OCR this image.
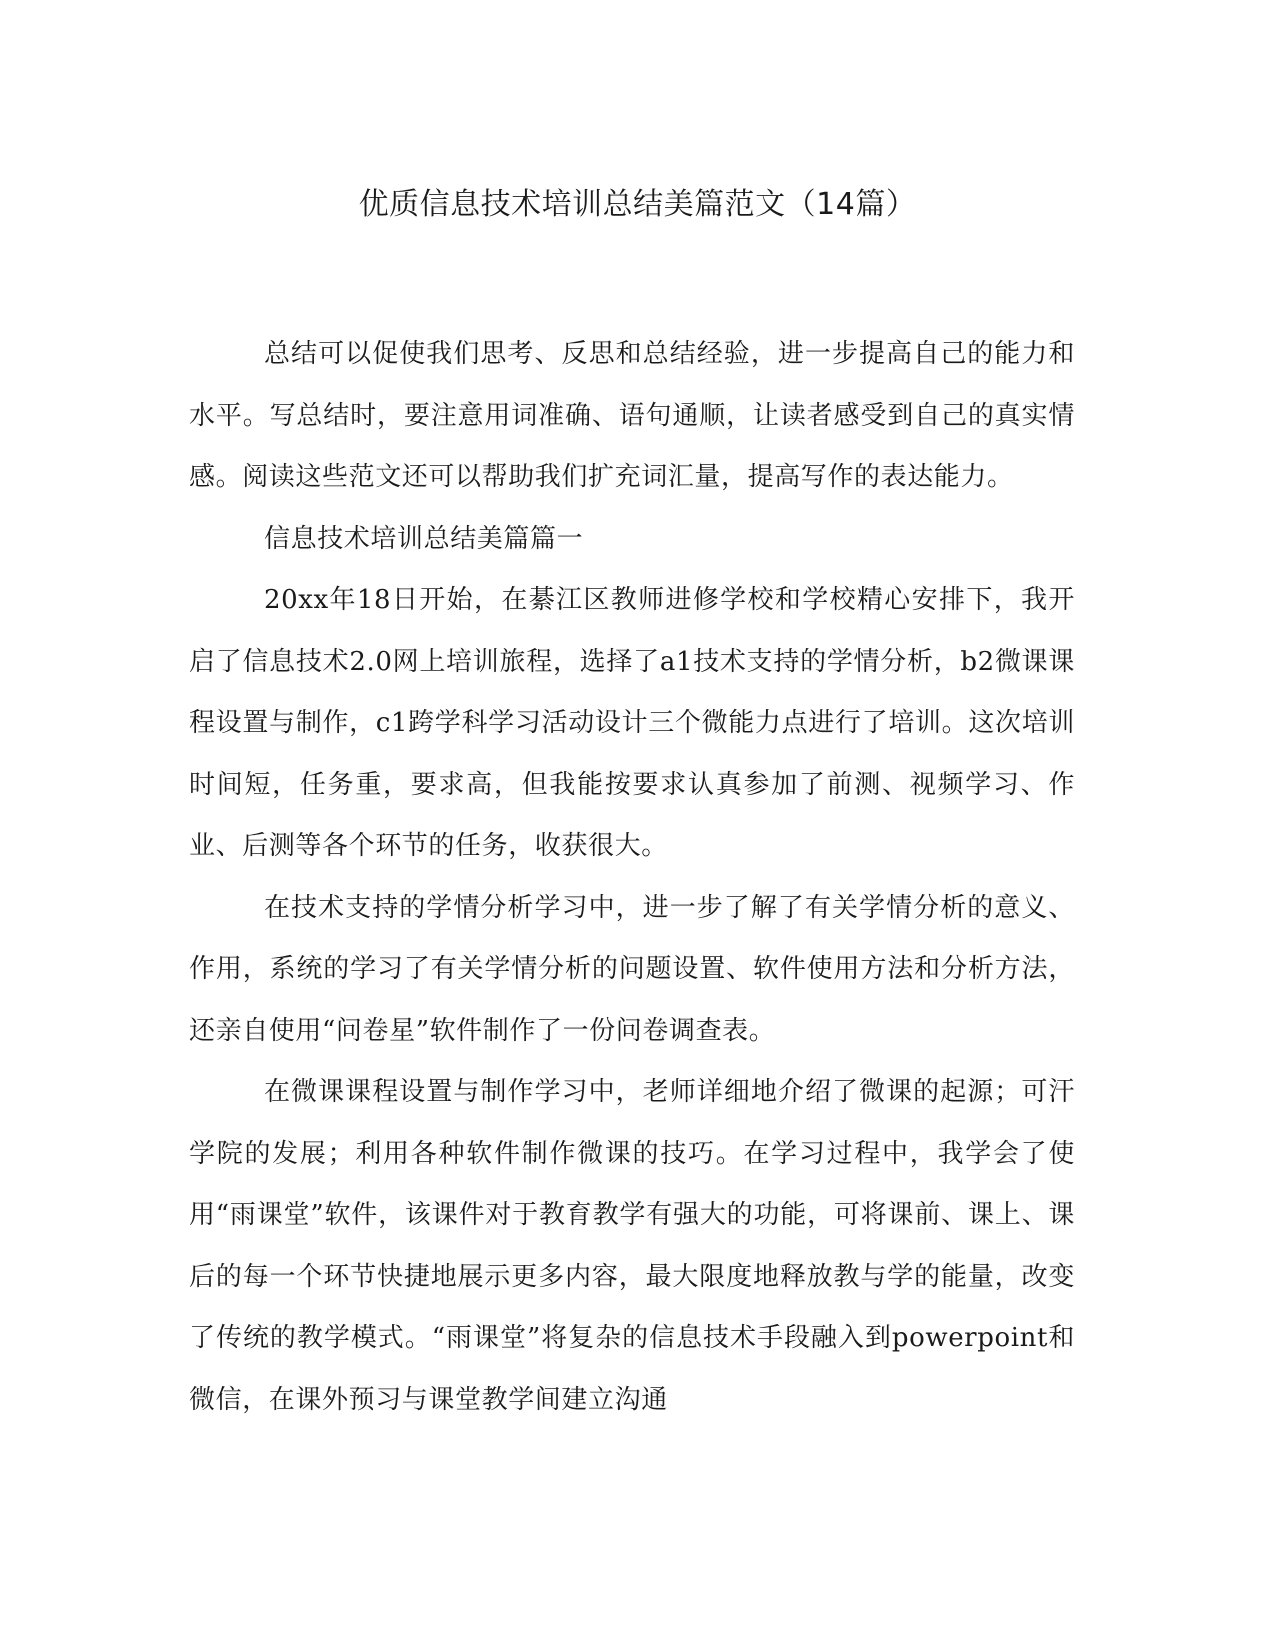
优质信息技术培训总结美篇范文（14篇）

总结可以促使我们思考、反思和总结经验，进一步提高自己的能力和水平。写总结时，要注意用词准确、语句通顺，让读者感受到自己的真实情感。阅读这些范文还可以帮助我们扩充词汇量，提高写作的表达能力。

信息技术培训总结美篇篇一

20xx年18日开始，在綦江区教师进修学校和学校精心安排下，我开启了信息技术2.0网上培训旅程，选择了a1技术支持的学情分析，b2微课课程设置与制作，c1跨学科学习活动设计三个微能力点进行了培训。这次培训时间短，任务重，要求高，但我能按要求认真参加了前测、视频学习、作业、后测等各个环节的任务，收获很大。

在技术支持的学情分析学习中，进一步了解了有关学情分析的意义、作用，系统的学习了有关学情分析的问题设置、软件使用方法和分析方法，还亲自使用“问卷星”软件制作了一份问卷调查表。

在微课课程设置与制作学习中，老师详细地介绍了微课的起源；可汗学院的发展；利用各种软件制作微课的技巧。在学习过程中，我学会了使用“雨课堂”软件，该课件对于教育教学有强大的功能，可将课前、课上、课后的每一个环节快捷地展示更多内容，最大限度地释放教与学的能量，改变了传统的教学模式。“雨课堂”将复杂的信息技术手段融入到powerpoint和微信，在课外预习与课堂教学间建立沟通
